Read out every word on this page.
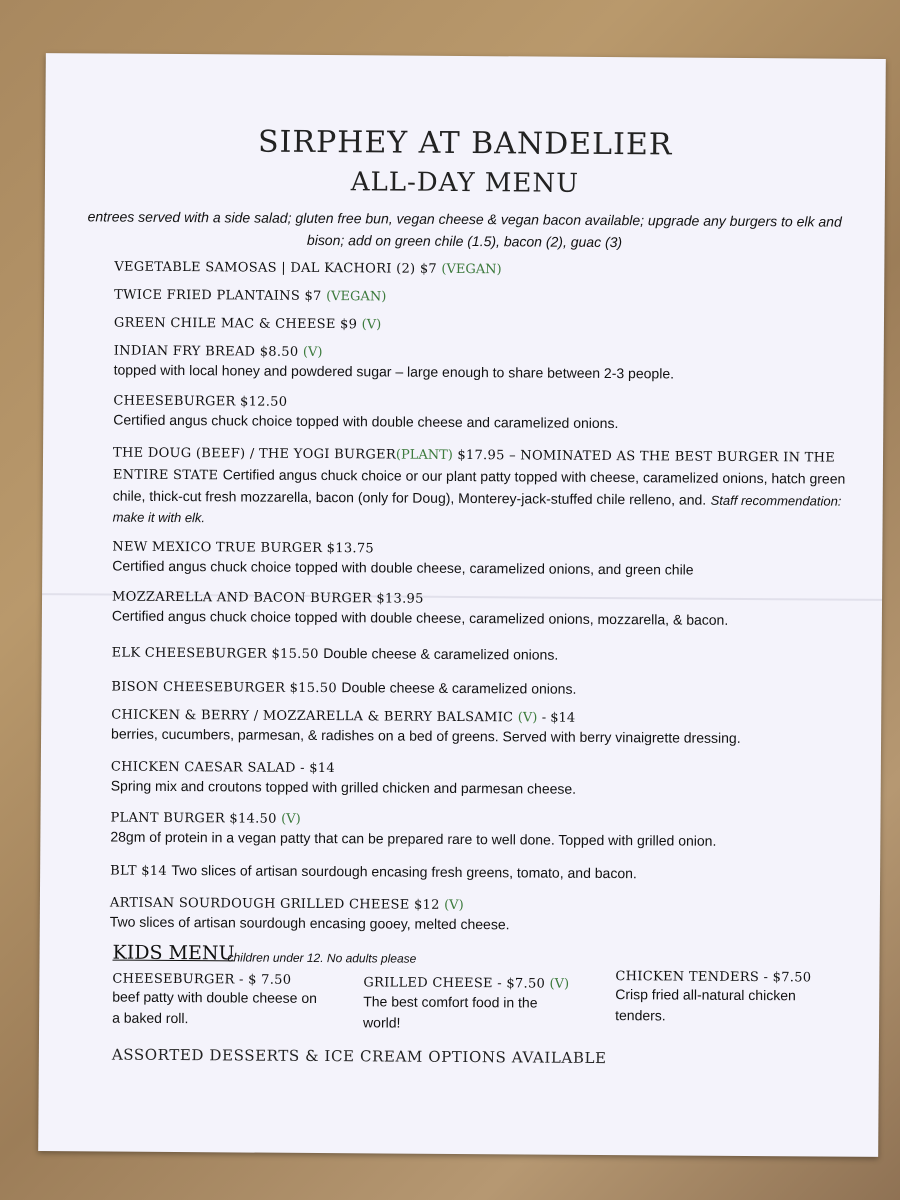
SIRPHEY AT BANDELIER
ALL-DAY MENU
entrees served with a side salad; gluten free bun, vegan cheese & vegan bacon available; upgrade any burgers to elk and bison; add on green chile (1.5), bacon (2), guac (3)
VEGETABLE SAMOSAS | DAL KACHORI (2) $7 (VEGAN)
TWICE FRIED PLANTAINS $7 (VEGAN)
GREEN CHILE MAC & CHEESE $9 (V)
INDIAN FRY BREAD $8.50 (V)
topped with local honey and powdered sugar – large enough to share between 2-3 people.
CHEESEBURGER $12.50
Certified angus chuck choice topped with double cheese and caramelized onions.
THE DOUG (BEEF) / THE YOGI BURGER(PLANT) $17.95 – NOMINATED AS THE BEST BURGER IN THE ENTIRE STATE Certified angus chuck choice or our plant patty topped with cheese, caramelized onions, hatch green chile, thick-cut fresh mozzarella, bacon (only for Doug), Monterey-jack-stuffed chile relleno, and. Staff recommendation: make it with elk.
NEW MEXICO TRUE BURGER $13.75
Certified angus chuck choice topped with double cheese, caramelized onions, and green chile
MOZZARELLA AND BACON BURGER $13.95
Certified angus chuck choice topped with double cheese, caramelized onions, mozzarella, & bacon.
ELK CHEESEBURGER $15.50 Double cheese & caramelized onions.
BISON CHEESEBURGER $15.50 Double cheese & caramelized onions.
CHICKEN & BERRY / MOZZARELLA & BERRY BALSAMIC (V) - $14
berries, cucumbers, parmesan, & radishes on a bed of greens. Served with berry vinaigrette dressing.
CHICKEN CAESAR SALAD - $14
Spring mix and croutons topped with grilled chicken and parmesan cheese.
PLANT BURGER $14.50 (V)
28gm of protein in a vegan patty that can be prepared rare to well done. Topped with grilled onion.
BLT $14 Two slices of artisan sourdough encasing fresh greens, tomato, and bacon.
ARTISAN SOURDOUGH GRILLED CHEESE $12 (V)
Two slices of artisan sourdough encasing gooey, melted cheese.
KIDS MENU
children under 12. No adults please
CHEESEBURGER - $ 7.50
beef patty with double cheese on a baked roll.
GRILLED CHEESE - $7.50 (V)
The best comfort food in the world!
CHICKEN TENDERS - $7.50
Crisp fried all-natural chicken tenders.
ASSORTED DESSERTS & ICE CREAM OPTIONS AVAILABLE
